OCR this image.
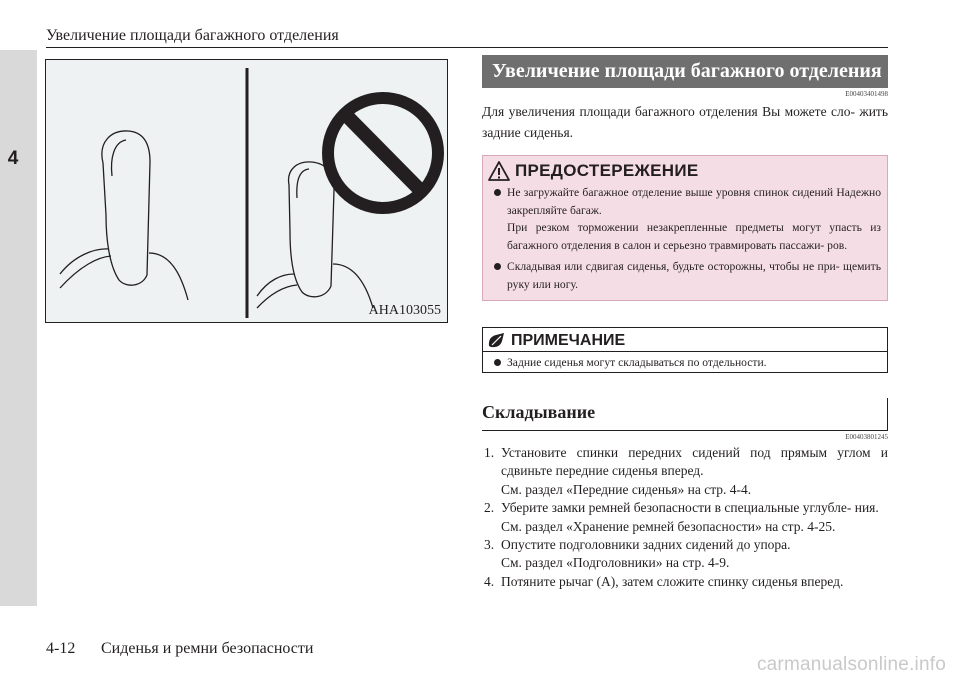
4
Увеличение площади багажного отделения
AHA103055
Увеличение площади багажного отделения
E00403401498
Для увеличения площади багажного отделения Вы можете сло- жить задние сиденья.
ПРЕДОСТЕРЕЖЕНИЕ
Не загружайте багажное отделение выше уровня спинок сидений Надежно закрепляйте багаж.
При резком торможении незакрепленные предметы могут упасть из багажного отделения в салон и серьезно травмировать пассажи- ров.
Складывая или сдвигая сиденья, будьте осторожны, чтобы не при- щемить руку или ногу.
ПРИМЕЧАНИЕ
Задние сиденья могут складываться по отдельности.
Складывание
E00403801245
1. Установите спинки передних сидений под прямым углом и сдвиньте передние сиденья вперед.
См. раздел «Передние сиденья» на стр. 4-4.
2. Уберите замки ремней безопасности в специальные углубле- ния.
См. раздел «Хранение ремней безопасности» на стр. 4-25.
3. Опустите подголовники задних сидений до упора.
См. раздел «Подголовники» на стр. 4-9.
4. Потяните рычаг (A), затем сложите спинку сиденья вперед.
4-12 Сиденья и ремни безопасности
carmanualsonline.info
